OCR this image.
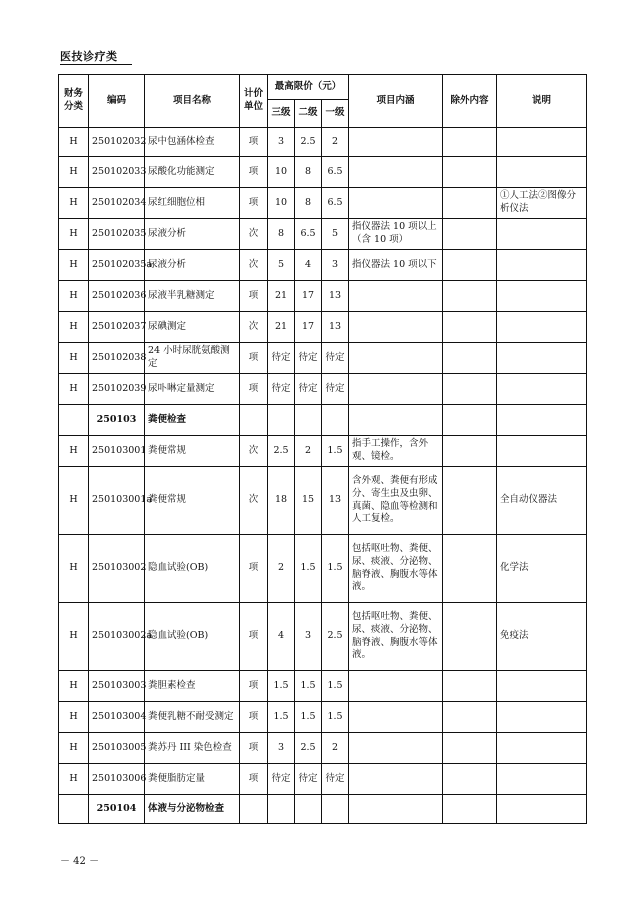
医技诊疗类
财务分类	编码	项目名称	计价单位	最高限价（元）			项目内涵	除外内容	说明
				三级	二级	一级			
H	250102032	尿中包涵体检查	项	3	2.5	2			
H	250102033	尿酸化功能测定	项	10	8	6.5			
H	250102034	尿红细胞位相	项	10	8	6.5			①人工法②图像分析仪法
H	250102035	尿液分析	次	8	6.5	5	指仪器法 10 项以上（含 10 项）		
H	250102035a	尿液分析	次	5	4	3	指仪器法 10 项以下		
H	250102036	尿液半乳糖测定	项	21	17	13			
H	250102037	尿碘测定	次	21	17	13			
H	250102038	24 小时尿胱氨酸测定	项	待定	待定	待定			
H	250102039	尿卟啉定量测定	项	待定	待定	待定			
	250103	粪便检查							
H	250103001	粪便常规	次	2.5	2	1.5	指手工操作，含外观、镜检。		
H	250103001a	粪便常规	次	18	15	13	含外观、粪便有形成分、寄生虫及虫卵、真菌、隐血等检测和人工复检。		全自动仪器法
H	250103002	隐血试验(OB)	项	2	1.5	1.5	包括呕吐物、粪便、尿、痰液、分泌物、脑脊液、胸腹水等体液。		化学法
H	250103002a	隐血试验(OB)	项	4	3	2.5	包括呕吐物、粪便、尿、痰液、分泌物、脑脊液、胸腹水等体液。		免疫法
H	250103003	粪胆素检查	项	1.5	1.5	1.5			
H	250103004	粪便乳糖不耐受测定	项	1.5	1.5	1.5			
H	250103005	粪苏丹 III 染色检查	项	3	2.5	2			
H	250103006	粪便脂肪定量	项	待定	待定	待定			
	250104	体液与分泌物检查							
－ 42 －
